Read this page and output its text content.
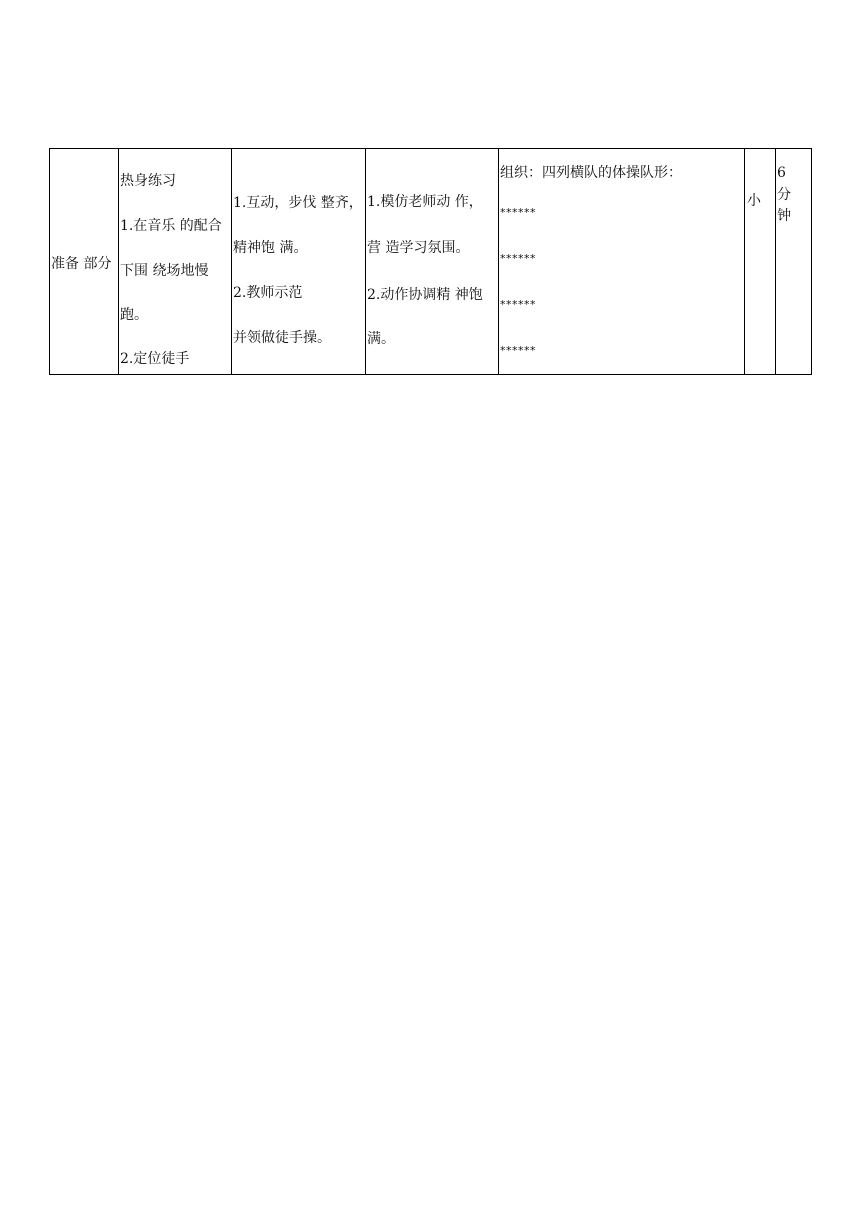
准备 部分

热身练习
1.在音乐 的配合
下围 绕场地慢
跑。
2.定位徒手

1.互动，步伐 整齐，
精神饱 满。
2.教师示范
并领做徒手操。

1.模仿老师动 作，
营 造学习氛围。
2.动作协调精 神饱
满。

组织：四列横队的体操队形：
******
******
******
******

小

6
分
钟
